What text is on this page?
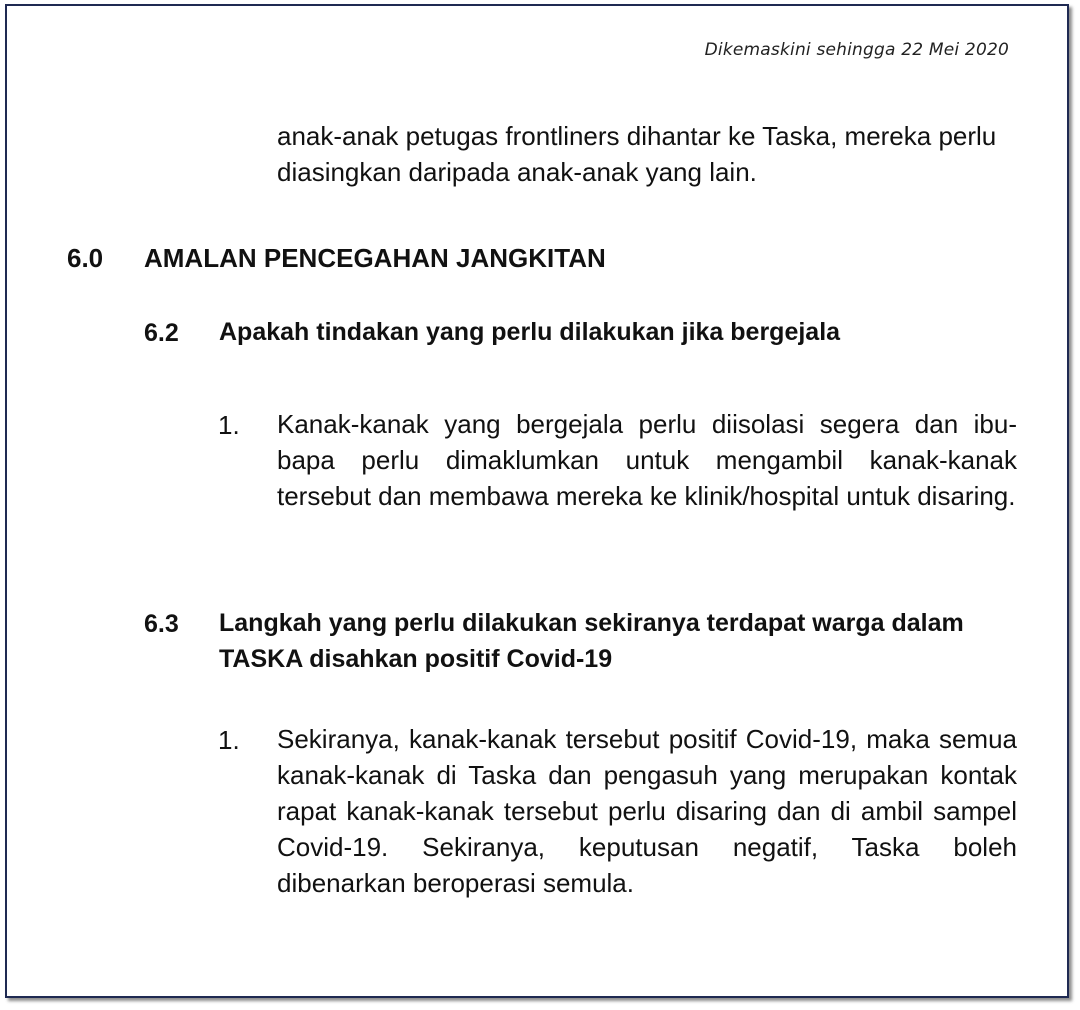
Dikemaskini sehingga 22 Mei 2020

anak-anak petugas frontliners dihantar ke Taska, mereka perlu diasingkan daripada anak-anak yang lain.

6.0 AMALAN PENCEGAHAN JANGKITAN
6.2 Apakah tindakan yang perlu dilakukan jika bergejala

1. Kanak-kanak yang bergejala perlu diisolasi segera dan ibu-bapa perlu dimaklumkan untuk mengambil kanak-kanak tersebut dan membawa mereka ke klinik/hospital untuk disaring.

6.3 Langkah yang perlu dilakukan sekiranya terdapat warga dalam TASKA disahkan positif Covid-19

1. Sekiranya, kanak-kanak tersebut positif Covid-19, maka semua kanak-kanak di Taska dan pengasuh yang merupakan kontak rapat kanak-kanak tersebut perlu disaring dan di ambil sampel Covid-19. Sekiranya, keputusan negatif, Taska boleh dibenarkan beroperasi semula.
